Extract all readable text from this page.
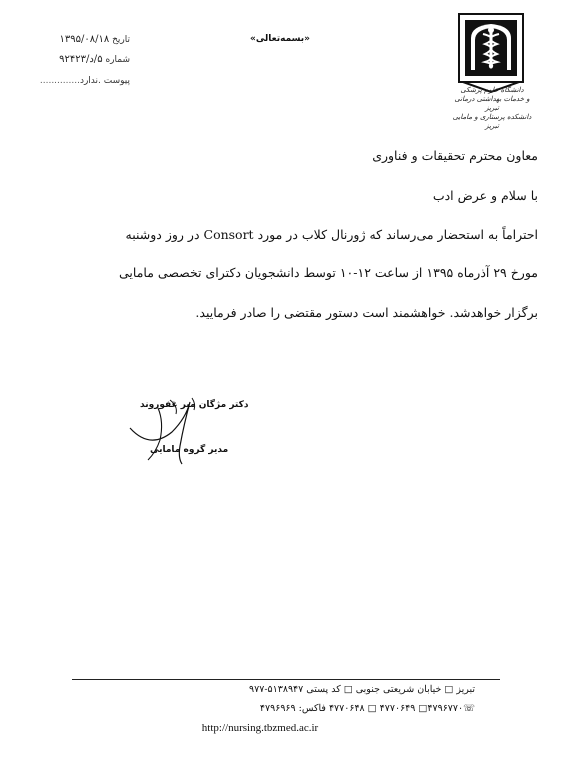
تاریخ ۱۳۹۵/۰۸/۱۸
شماره ۵/د/۹۲۴۲۳
پیوست .ندارد..............
«بسمه‌تعالی»
دانشگاه علوم پزشکی
و خدمات بهداشتی درمانی تبریز
دانشکده پرستاری و مامایی تبریز
معاون محترم تحقیقات و فناوری
با سلام و عرض ادب
احتراماً به استحضار می‌رساند که ژورنال کلاب در مورد Consort در روز دوشنبه
مورخ ۲۹ آذرماه ۱۳۹۵ از ساعت ۱۲-۱۰ توسط دانشجویان دکترای تخصصی مامایی
برگزار خواهدشد. خواهشمند است دستور مقتضی را صادر فرمایید.
دکتر مژگان میر غفوروند
مدیر گروه مامایی
تبریز □ خیابان شریعتی جنوبی □ کد پستی ۵۱۳۸۹۴۷-۹۷۷
☏۴۷۹۶۷۷۰□ ۴۷۷۰۶۴۹ □ ۴۷۷۰۶۴۸ فاکس: ۴۷۹۶۹۶۹
http://nursing.tbzmed.ac.ir
